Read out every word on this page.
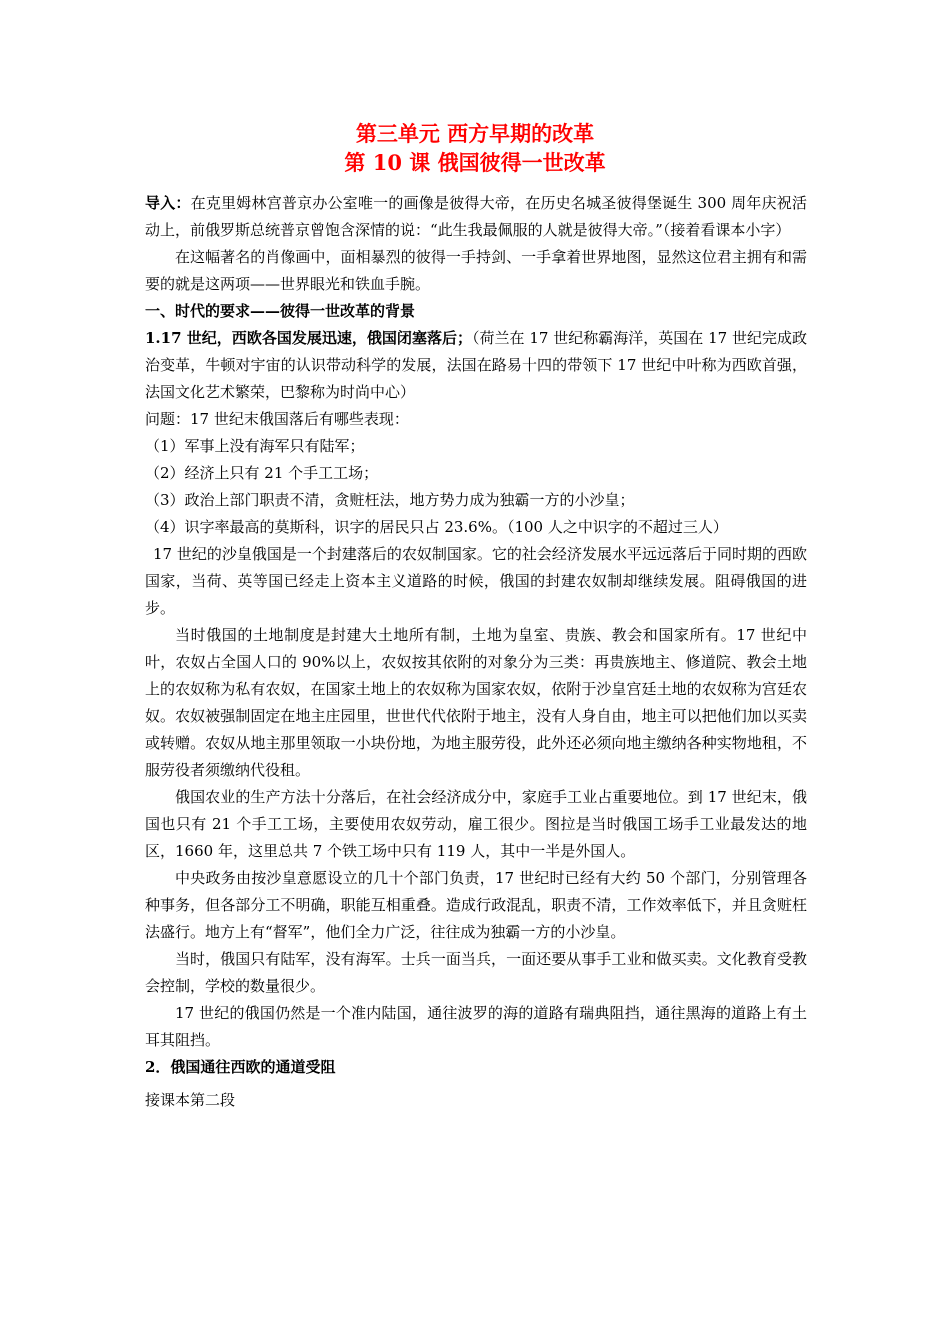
第三单元 西方早期的改革
第 10 课 俄国彼得一世改革

导入：在克里姆林宫普京办公室唯一的画像是彼得大帝，在历史名城圣彼得堡诞生 300 周年庆祝活动上，前俄罗斯总统普京曾饱含深情的说：“此生我最佩服的人就是彼得大帝。”（接着看课本小字）

在这幅著名的肖像画中，面相暴烈的彼得一手持剑、一手拿着世界地图，显然这位君主拥有和需要的就是这两项——世界眼光和铁血手腕。

一、时代的要求——彼得一世改革的背景

1.17 世纪，西欧各国发展迅速，俄国闭塞落后；（荷兰在 17 世纪称霸海洋，英国在 17 世纪完成政治变革，牛顿对宇宙的认识带动科学的发展，法国在路易十四的带领下 17 世纪中叶称为西欧首强，法国文化艺术繁荣，巴黎称为时尚中心）

问题：17 世纪末俄国落后有哪些表现：

（1）军事上没有海军只有陆军；

（2）经济上只有 21 个手工工场；

（3）政治上部门职责不清，贪赃枉法，地方势力成为独霸一方的小沙皇；

（4）识字率最高的莫斯科，识字的居民只占 23.6%。（100 人之中识字的不超过三人）

17 世纪的沙皇俄国是一个封建落后的农奴制国家。它的社会经济发展水平远远落后于同时期的西欧国家，当荷、英等国已经走上资本主义道路的时候，俄国的封建农奴制却继续发展。阻碍俄国的进步。

当时俄国的土地制度是封建大土地所有制，土地为皇室、贵族、教会和国家所有。17 世纪中叶，农奴占全国人口的 90%以上，农奴按其依附的对象分为三类：再贵族地主、修道院、教会土地上的农奴称为私有农奴，在国家土地上的农奴称为国家农奴，依附于沙皇宫廷土地的农奴称为宫廷农奴。农奴被强制固定在地主庄园里，世世代代依附于地主，没有人身自由，地主可以把他们加以买卖或转赠。农奴从地主那里领取一小块份地，为地主服劳役，此外还必须向地主缴纳各种实物地租，不服劳役者须缴纳代役租。

俄国农业的生产方法十分落后，在社会经济成分中，家庭手工业占重要地位。到 17 世纪末，俄国也只有 21 个手工工场，主要使用农奴劳动，雇工很少。图拉是当时俄国工场手工业最发达的地区，1660 年，这里总共 7 个铁工场中只有 119 人，其中一半是外国人。

中央政务由按沙皇意愿设立的几十个部门负责，17 世纪时已经有大约 50 个部门，分别管理各种事务，但各部分工不明确，职能互相重叠。造成行政混乱，职责不清，工作效率低下，并且贪赃枉法盛行。地方上有“督军”，他们全力广泛，往往成为独霸一方的小沙皇。

当时，俄国只有陆军，没有海军。士兵一面当兵，一面还要从事手工业和做买卖。文化教育受教会控制，学校的数量很少。

17 世纪的俄国仍然是一个准内陆国，通往波罗的海的道路有瑞典阻挡，通往黑海的道路上有土耳其阻挡。

2．俄国通往西欧的通道受阻

接课本第二段
